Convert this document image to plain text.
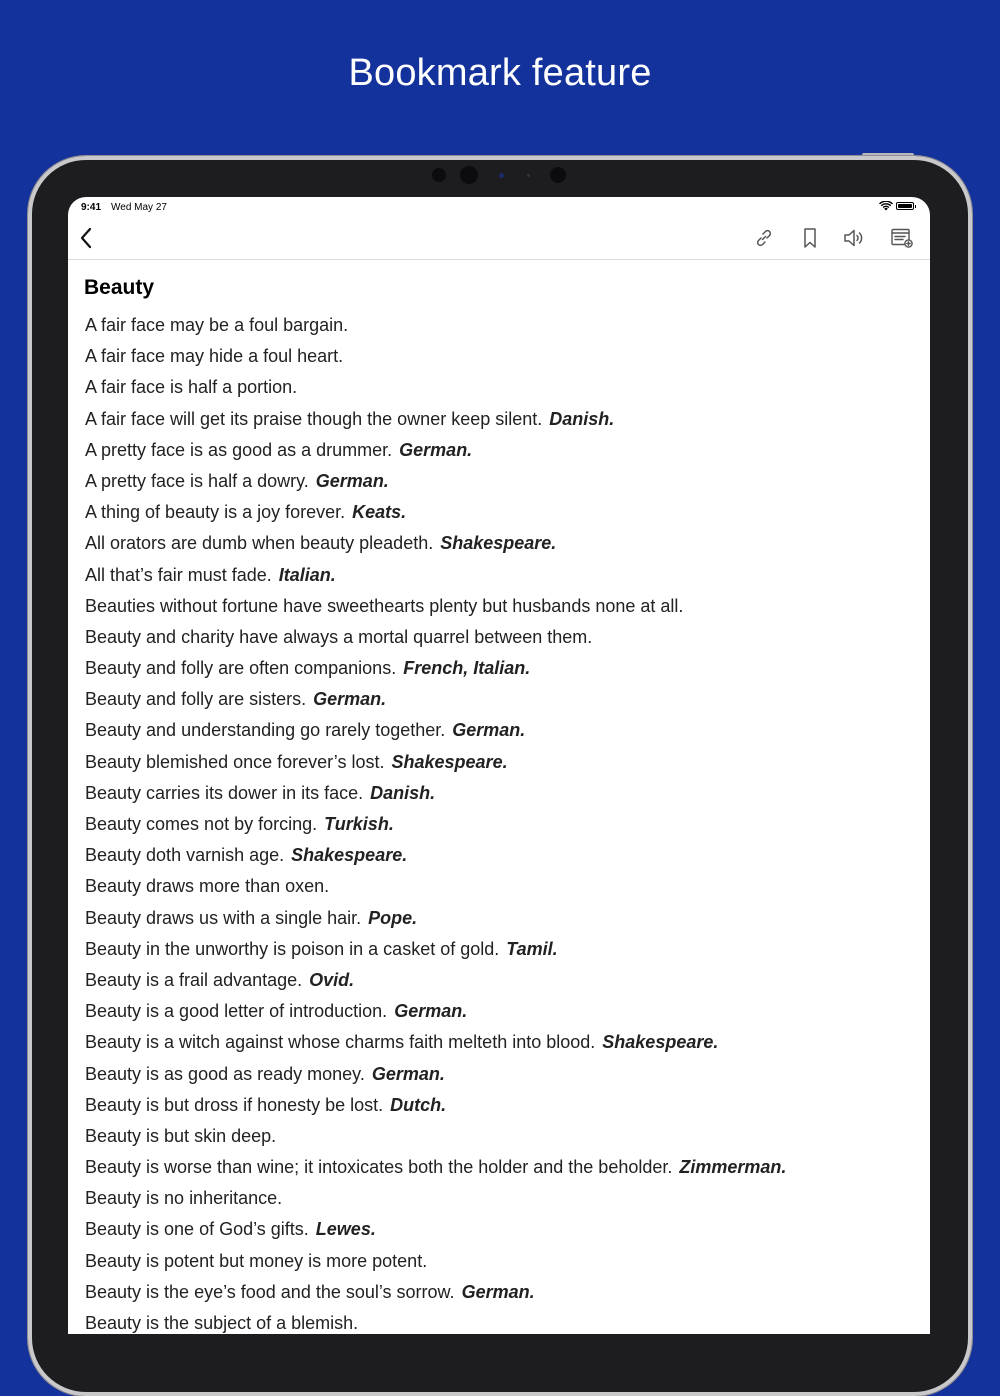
Bookmark feature
9:41 Wed May 27
Beauty
A fair face may be a foul bargain.
A fair face may hide a foul heart.
A fair face is half a portion.
A fair face will get its praise though the owner keep silent. Danish.
A pretty face is as good as a drummer. German.
A pretty face is half a dowry. German.
A thing of beauty is a joy forever. Keats.
All orators are dumb when beauty pleadeth. Shakespeare.
All that’s fair must fade. Italian.
Beauties without fortune have sweethearts plenty but husbands none at all.
Beauty and charity have always a mortal quarrel between them.
Beauty and folly are often companions. French, Italian.
Beauty and folly are sisters. German.
Beauty and understanding go rarely together. German.
Beauty blemished once forever’s lost. Shakespeare.
Beauty carries its dower in its face. Danish.
Beauty comes not by forcing. Turkish.
Beauty doth varnish age. Shakespeare.
Beauty draws more than oxen.
Beauty draws us with a single hair. Pope.
Beauty in the unworthy is poison in a casket of gold. Tamil.
Beauty is a frail advantage. Ovid.
Beauty is a good letter of introduction. German.
Beauty is a witch against whose charms faith melteth into blood. Shakespeare.
Beauty is as good as ready money. German.
Beauty is but dross if honesty be lost. Dutch.
Beauty is but skin deep.
Beauty is worse than wine; it intoxicates both the holder and the beholder. Zimmerman.
Beauty is no inheritance.
Beauty is one of God’s gifts. Lewes.
Beauty is potent but money is more potent.
Beauty is the eye’s food and the soul’s sorrow. German.
Beauty is the subject of a blemish.
